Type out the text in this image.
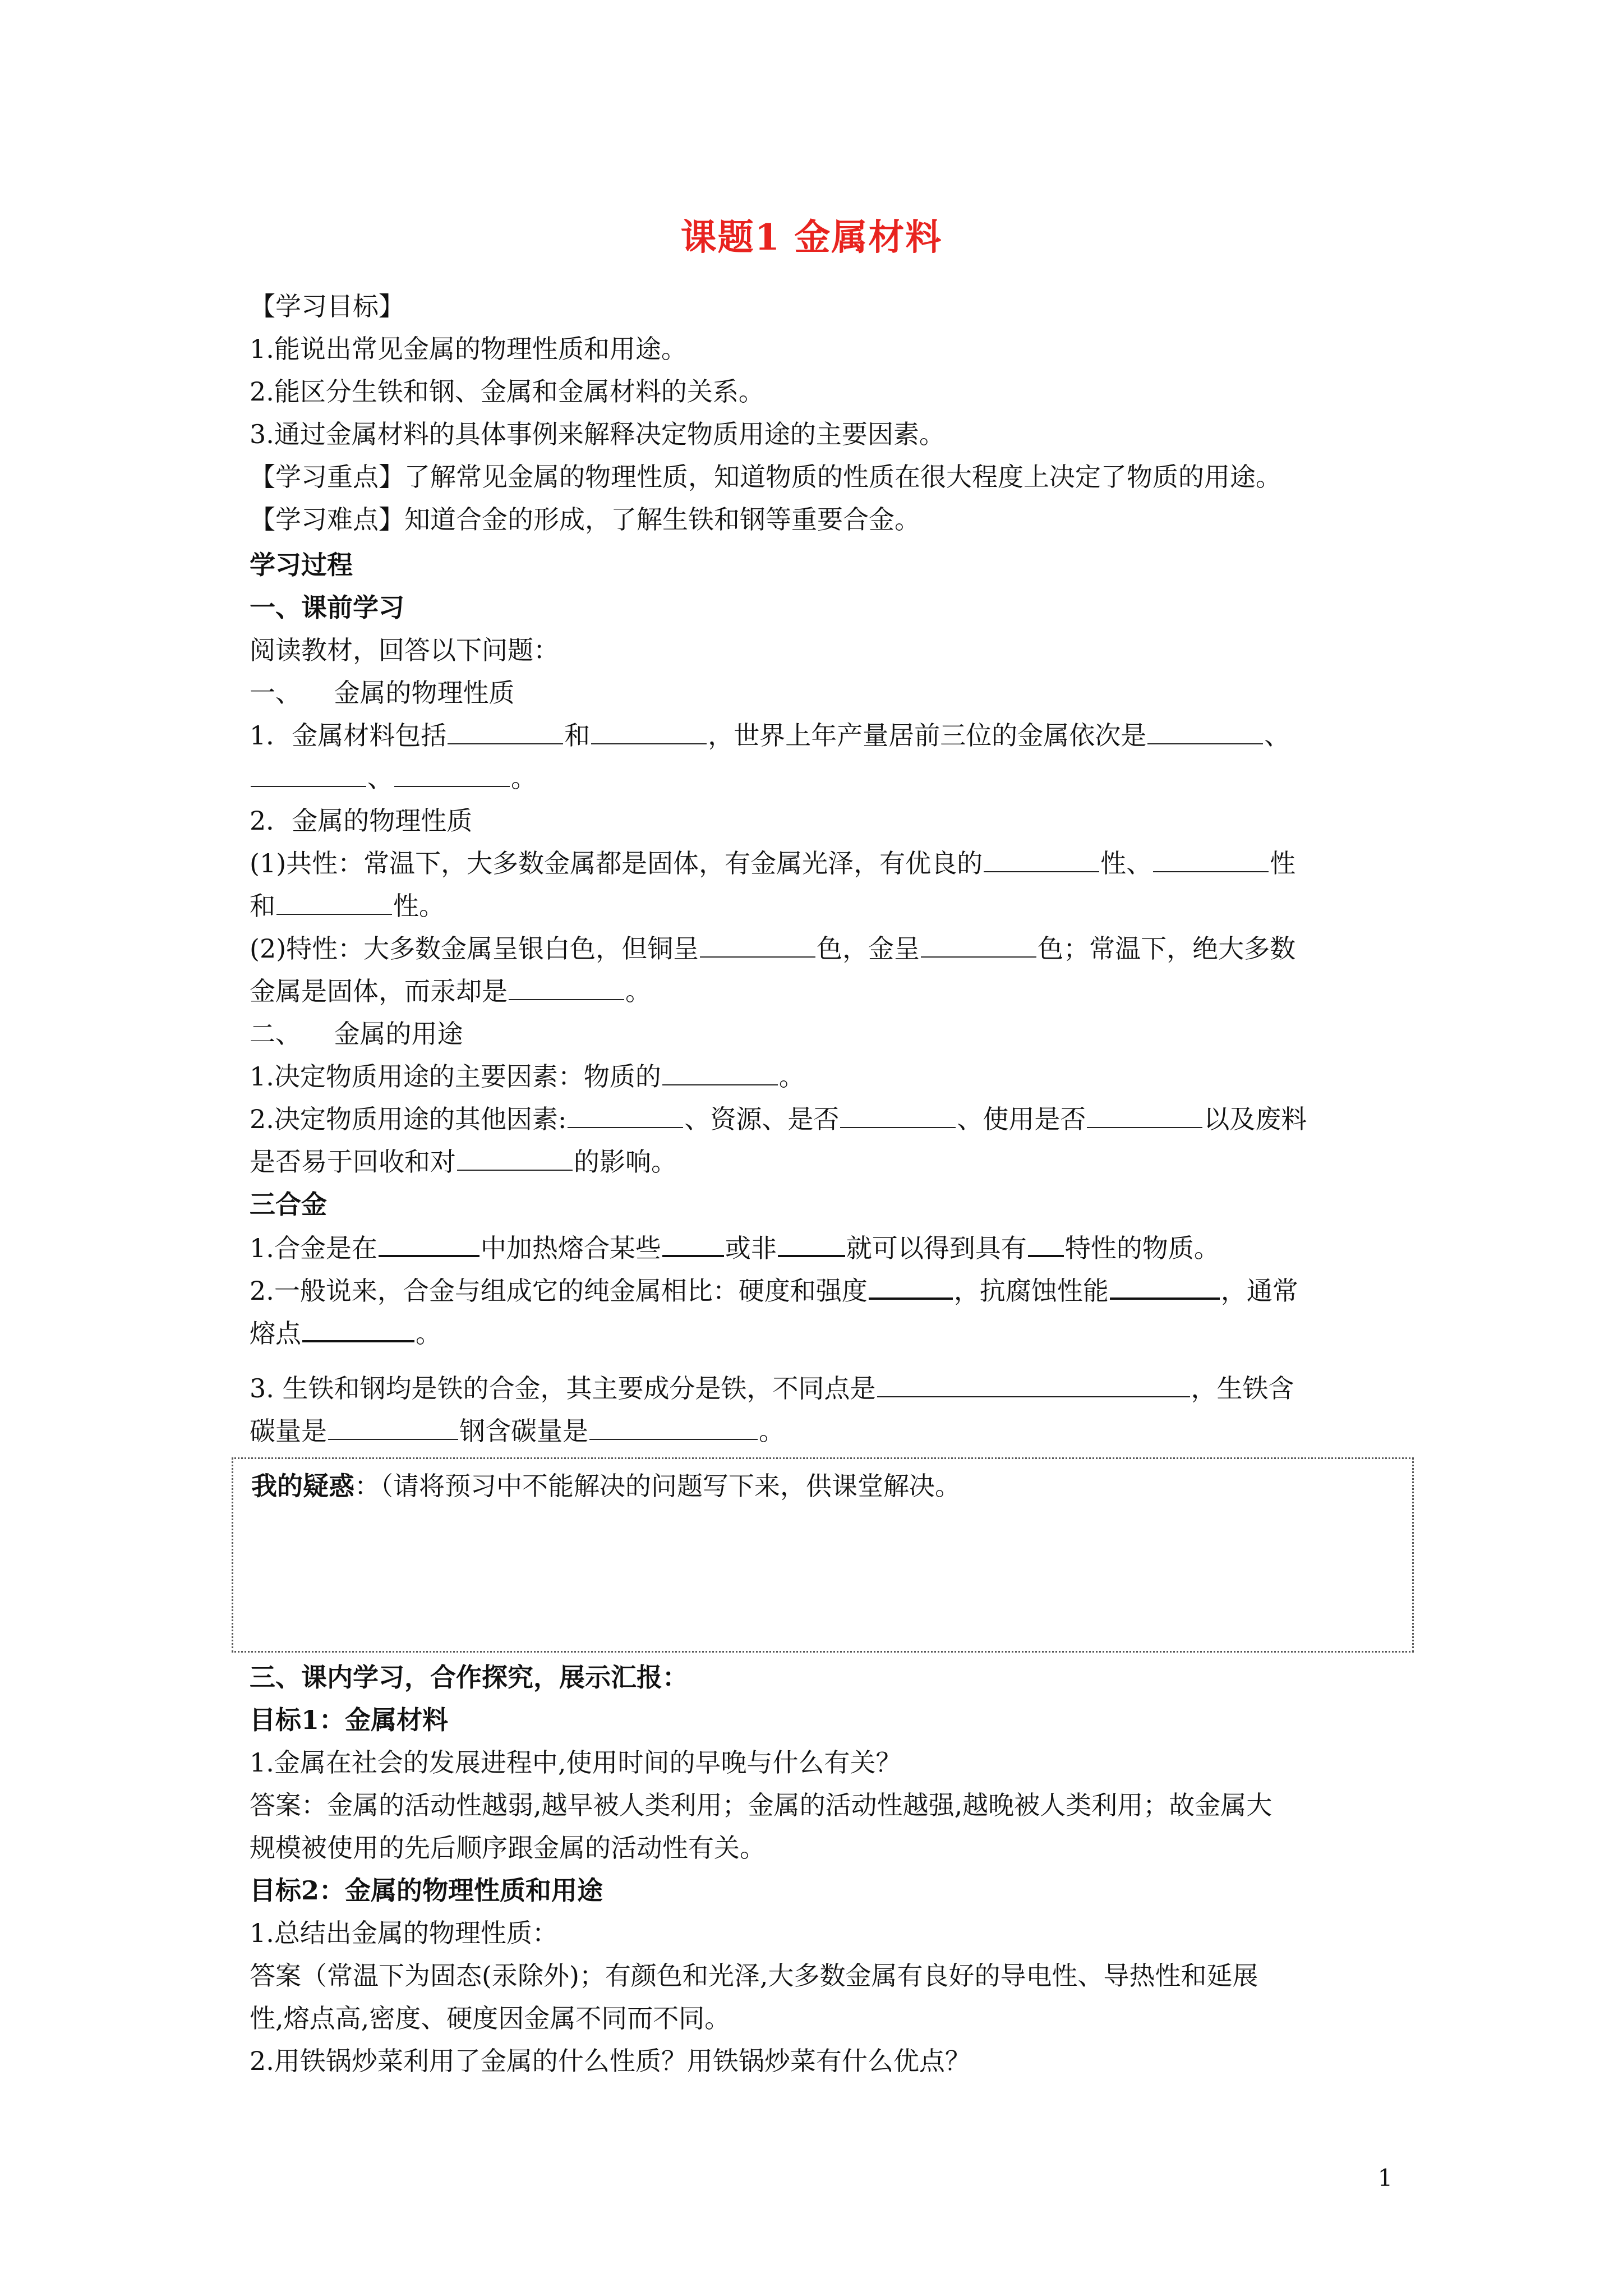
课题1 金属材料
【学习目标】
1.能说出常见金属的物理性质和用途。
2.能区分生铁和钢、金属和金属材料的关系。
3.通过金属材料的具体事例来解释决定物质用途的主要因素。
【学习重点】了解常见金属的物理性质，知道物质的性质在很大程度上决定了物质的用途。
【学习难点】知道合金的形成，了解生铁和钢等重要合金。
学习过程
一、课前学习
阅读教材，回答以下问题：
一、    金属的物理性质
1．金属材料包括	和	，世界上年产量居前三位的金属依次是	、
、	。
2．金属的物理性质
(1)共性：常温下，大多数金属都是固体，有金属光泽，有优良的	性、	性
和	性。
(2)特性：大多数金属呈银白色，但铜呈	色，金呈	色；常温下，绝大多数
金属是固体，而汞却是	。
二、    金属的用途
1.决定物质用途的主要因素：物质的	。
2.决定物质用途的其他因素:	、资源、是否	、使用是否	以及废料
是否易于回收和对	的影响。
三合金
1.合金是在	中加热熔合某些 或非	就可以得到具有 特性的物质。
2.一般说来，合金与组成它的纯金属相比：硬度和强度	，抗腐蚀性能	，通常
熔点	。
3. 生铁和钢均是铁的合金，其主要成分是铁，不同点是	，生铁含
碳量是	钢含碳量是	。
我的疑惑：（请将预习中不能解决的问题写下来，供课堂解决。
三、课内学习，合作探究，展示汇报：
目标1：金属材料
1.金属在社会的发展进程中,使用时间的早晚与什么有关？
答案：金属的活动性越弱,越早被人类利用；金属的活动性越强,越晚被人类利用；故金属大
规模被使用的先后顺序跟金属的活动性有关。
目标2：金属的物理性质和用途
1.总结出金属的物理性质：
答案（常温下为固态(汞除外)；有颜色和光泽,大多数金属有良好的导电性、导热性和延展
性,熔点高,密度、硬度因金属不同而不同。
2.用铁锅炒菜利用了金属的什么性质？用铁锅炒菜有什么优点？
1
